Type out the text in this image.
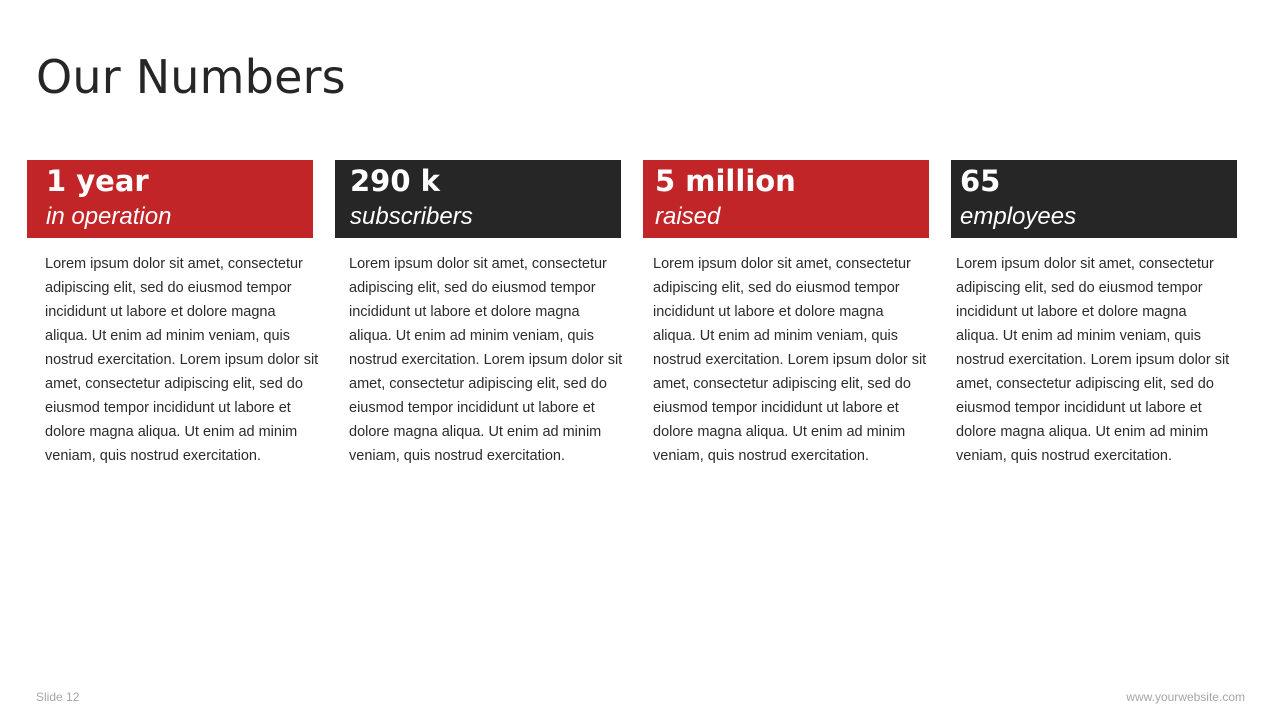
Our Numbers
1 year
in operation
Lorem ipsum dolor sit amet, consectetur adipiscing elit, sed do eiusmod tempor incididunt ut labore et dolore magna aliqua. Ut enim ad minim veniam, quis nostrud exercitation. Lorem ipsum dolor sit amet, consectetur adipiscing elit, sed do eiusmod tempor incididunt ut labore et dolore magna aliqua. Ut enim ad minim veniam, quis nostrud exercitation.
290 k
subscribers
Lorem ipsum dolor sit amet, consectetur adipiscing elit, sed do eiusmod tempor incididunt ut labore et dolore magna aliqua. Ut enim ad minim veniam, quis nostrud exercitation. Lorem ipsum dolor sit amet, consectetur adipiscing elit, sed do eiusmod tempor incididunt ut labore et dolore magna aliqua. Ut enim ad minim veniam, quis nostrud exercitation.
5 million
raised
Lorem ipsum dolor sit amet, consectetur adipiscing elit, sed do eiusmod tempor incididunt ut labore et dolore magna aliqua. Ut enim ad minim veniam, quis nostrud exercitation. Lorem ipsum dolor sit amet, consectetur adipiscing elit, sed do eiusmod tempor incididunt ut labore et dolore magna aliqua. Ut enim ad minim veniam, quis nostrud exercitation.
65
employees
Lorem ipsum dolor sit amet, consectetur adipiscing elit, sed do eiusmod tempor incididunt ut labore et dolore magna aliqua. Ut enim ad minim veniam, quis nostrud exercitation. Lorem ipsum dolor sit amet, consectetur adipiscing elit, sed do eiusmod tempor incididunt ut labore et dolore magna aliqua. Ut enim ad minim veniam, quis nostrud exercitation.
Slide 12	www.yourwebsite.com
